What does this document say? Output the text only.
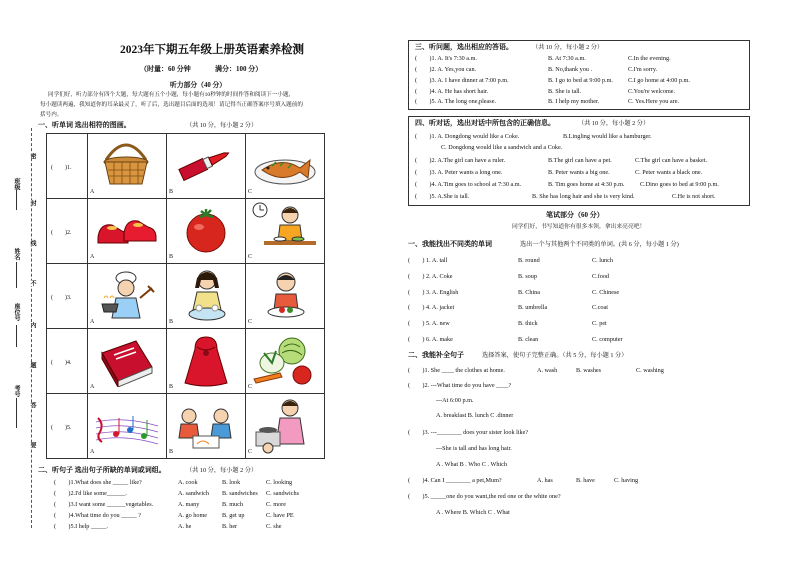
2023年下期五年级上册英语素养检测
（时量：60 分钟	满分：100 分）
听力部分（40 分）
同学们好，听力部分有四个大题，每大题有五个小题，每小题有10秒钟的时间作答和阅读下一小题，
每小题读两遍，我知道你的耳朵最灵了，听了后，选出题目后面的选项！请记得当正确答案序号填入题前的
括号内。
班级
姓名
座位号
考号
密
封
线
不
内
题
答
要
一、听单词 选出相符的图画。	（共 10 分，每小题 2 分）
(　　)1.	A	B	C

(　　)2.	A	B	C

(　　)3.	A	B	C

(　　)4.	A	B	C

(　　)5.	A	B	C
二、听句子 选出句子所缺的单词或词组。	（共 10 分，每小题 2 分）
(　　)1.What does she _____ like?	A. cook	B. look	C. looking
(　　)2.I'd like some______.	A. sandwich B. sandwiches C. sandwichs
(　　)3.I want some ______vegetables.	A. many	B. much	C. more
(　　)4.What time do you _____ ?	A. go home B. get up	C. have PE
(　　)5.I help _____.	A. he	B. her	C. she
三、听问题，选出相应的答语。	（共 10 分，每小题 2 分）
(　　)1. A. It's 7:30 a.m.	B. At 7:30 a.m.	C.In the evening.
(　　)2. A. Yes,you can.	B. No,thank you .	C.I'm sorry.
(　　)3. A. I have dinner at 7:00 p.m.	B. I go to bed at 9:00 p.m. C.I go home at 4:00 p.m.
(　　)4. A. He has short hair.	B. She is tall.	C.You're welcome.
(　　)5. A. The long one,please.	B. I help my mother.	C. Yes.Here you are.
四、听对话，选出对话中所包含的正确信息。	（共 10 分，每小题 2 分）
(　　)1. A. Dongdong would like a Coke.	B.Lingling would like a hamburger.
C. Dongdong would like a sandwich and a Coke.
(　　)2. A.The girl can have a ruler.	B.The girl can have a pet.	C.The girl can have a basket.
(　　)3. A. Peter wants a long one.	B. Peter wants a big one.	C. Peter wants a black one.
(　　)4. A.Tim goes to school at 7:30 a.m.	B. Tim goes home at 4:30 p.m.	C.Dino goes to bed at 9:00 p.m.
(　　)5. A.She is tall.	B. She has long hair and she is very kind.	C.He is not short.
笔试部分（60 分）
同学们好，书写知道你有很多本领，拿出来亮亮吧！
一、我能找出不同类的单词	选出一个与其他两个不同类的单词。(共 6 分，每小题 1 分)
(　　) 1. A. tall	B. round	C. lunch
(　　) 2. A. Coke	B. soup	C.food
(　　) 3. A. English	B. China	C. Chinese
(　　) 4. A. jacket	B. umbrella	C.coat
(　　) 5. A. new	B. thick	C. pet
(　　) 6. A. make	B. clean	C. computer
二、我能补全句子	选择答案，使句子完整正确。（共 5 分，每小题 1 分）
(　　)1. She ____ the clothes at home.	A. wash	B. washes	C. washing
(　　)2. ---What time do you have ____?
---At 6:00 p.m.
A. breakfast B. lunch C .dinner
(　　)3. ---________ does your sister look like?
---She is tall and has long hair.
A . What B . Who C . Which
(　　)4. Can I ________ a pet,Mum?	A. has	B. have	C. having
(　　)5. _____one do you want,the red one or the white one?
A . Where B. Which C . What
